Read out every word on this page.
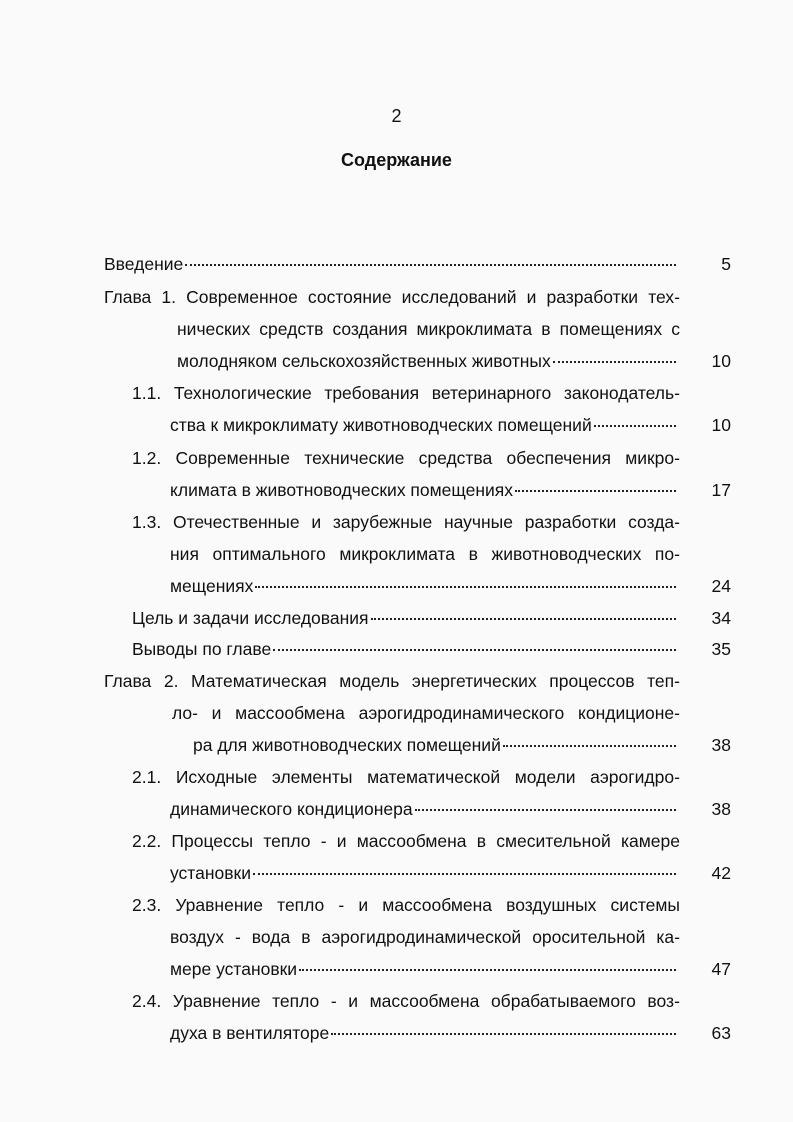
2
Содержание
Введение	5
Глава 1. Современное состояние исследований и разработки тех-
нических средств создания микроклимата в помещениях с
молодняком сельскохозяйственных животных	10
1.1. Технологические требования ветеринарного законодатель-
ства к микроклимату животноводческих помещений	10
1.2. Современные технические средства обеспечения микро-
климата в животноводческих помещениях	17
1.3. Отечественные и зарубежные научные разработки созда-
ния оптимального микроклимата в животноводческих по-
мещениях	24
Цель и задачи исследования	34
Выводы по главе	35
Глава 2. Математическая модель энергетических процессов теп-
ло- и массообмена аэрогидродинамического кондиционе-
ра для животноводческих помещений	38
2.1. Исходные элементы математической модели аэрогидро-
динамического кондиционера	38
2.2. Процессы тепло - и массообмена в смесительной камере
установки	42
2.3. Уравнение тепло - и массообмена воздушных системы
воздух - вода в аэрогидродинамической оросительной ка-
мере установки	47
2.4. Уравнение тепло - и массообмена обрабатываемого воз-
духа в вентиляторе	63
